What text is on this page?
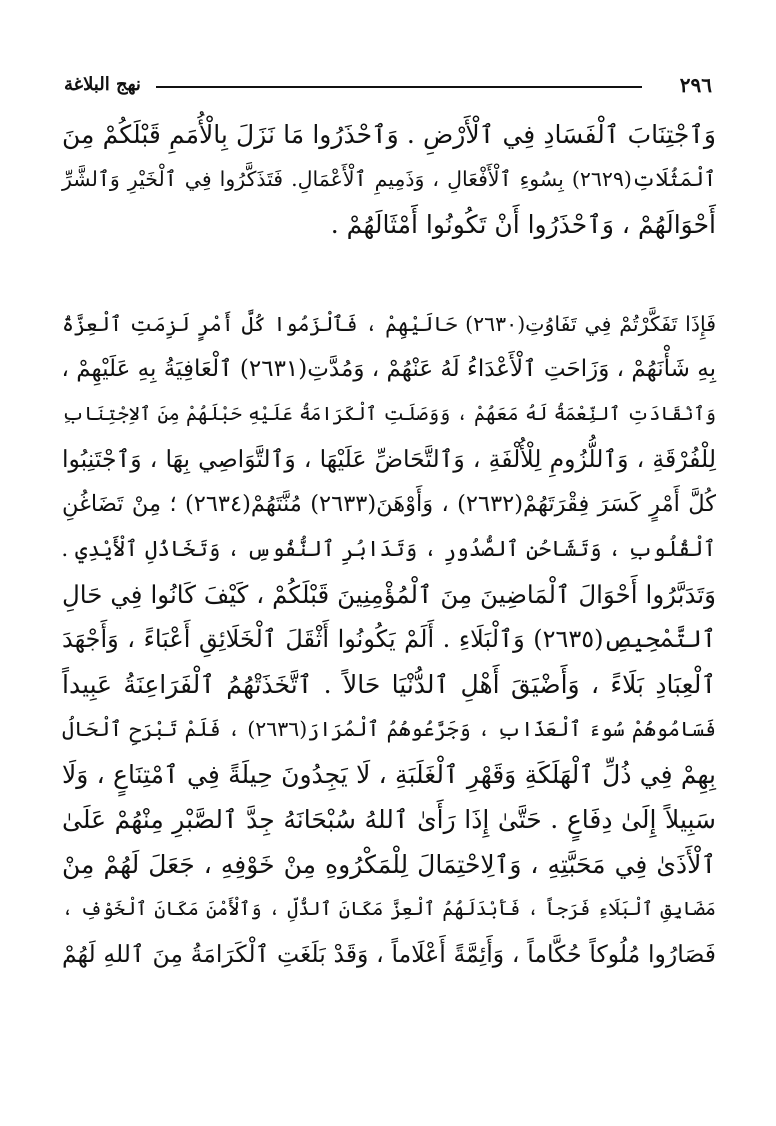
٢٩٦
نهج البلاغة
وَٱجْتِنَابَ ٱلْفَسَادِ فِي ٱلْأَرْضِ . وَٱحْذَرُوا مَا نَزَلَ بِالْأُمَمِ قَبْلَكُمْ مِنَ
ٱلْمَثُلَاتِ(٢٦٢٩) بِسُوءِ ٱلْأَفْعَالِ ، وَذَمِيمِ ٱلْأَعْمَالِ. فَتَذَكَّرُوا فِي ٱلْخَيْرِ وَٱلشَّرِّ
أَحْوَالَهُمْ ، وَٱحْذَرُوا أَنْ تَكُونُوا أَمْثَالَهُمْ .
فَإِذَا تَفَكَّرْتُمْ فِي تَفَاوُتِ(٢٦٣٠) حَالَيْهِمْ ، فَٱلْزَمُوا كُلَّ أَمْرٍ لَزِمَتِ ٱلْعِزَّةُ
بِهِ شَأْنَهُمْ ، وَزَاحَتِ ٱلْأَعْدَاءُ لَهُ عَنْهُمْ ، وَمُدَّتِ(٢٦٣١) ٱلْعَافِيَةُ بِهِ عَلَيْهِمْ ،
وَٱنْقَادَتِ ٱلنِّعْمَةُ لَهُ مَعَهُمْ ، وَوَصَلَتِ ٱلْكَرَامَةُ عَلَيْهِ حَبْلَهُمْ مِنَ ٱلاِجْتِنَابِ
لِلْفُرْقَةِ ، وَٱللُّزُومِ لِلْأُلْفَةِ ، وَٱلتَّحَاضِّ عَلَيْهَا ، وَٱلتَّوَاصِي بِهَا ، وَٱجْتَنِبُوا
كُلَّ أَمْرٍ كَسَرَ فِقْرَتَهُمْ(٢٦٣٢) ، وَأَوْهَنَ(٢٦٣٣) مُنَّتَهُمْ(٢٦٣٤) ؛ مِنْ تَضَاغُنِ
ٱلْقُلُوبِ ، وَتَشَاحُنِ ٱلصُّدُورِ ، وَتَدَابُرِ ٱلنُّفُوسِ ، وَتَخَاذُلِ ٱلْأَيْدِي .
وَتَدَبَّرُوا أَحْوَالَ ٱلْمَاضِينَ مِنَ ٱلْمُؤْمِنِينَ قَبْلَكُمْ ، كَيْفَ كَانُوا فِي حَالِ
ٱلتَّمْحِيصِ(٢٦٣٥) وَٱلْبَلَاءِ . أَلَمْ يَكُونُوا أَثْقَلَ ٱلْخَلَائِقِ أَعْبَاءً ، وَأَجْهَدَ
ٱلْعِبَادِ بَلَاءً ، وَأَضْيَقَ أَهْلِ ٱلدُّنْيَا حَالاً . ٱتَّخَذَتْهُمُ ٱلْفَرَاعِنَةُ عَبِيداً
فَسَامُوهُمْ سُوءَ ٱلْعَذَابِ ، وَجَرَّعُوهُمُ ٱلْمُرَارَ(٢٦٣٦) ، فَلَمْ تَبْرَحِ ٱلْحَالُ
بِهِمْ فِي ذُلِّ ٱلْهَلَكَةِ وَقَهْرِ ٱلْغَلَبَةِ ، لَا يَجِدُونَ حِيلَةً فِي ٱمْتِنَاعٍ ، وَلَا
سَبِيلاً إِلَىٰ دِفَاعٍ . حَتَّىٰ إِذَا رَأَىٰ ٱللهُ سُبْحَانَهُ جِدَّ ٱلصَّبْرِ مِنْهُمْ عَلَىٰ
ٱلْأَذَىٰ فِي مَحَبَّتِهِ ، وَٱلِاحْتِمَالَ لِلْمَكْرُوهِ مِنْ خَوْفِهِ ، جَعَلَ لَهُمْ مِنْ
مَضَايِقِ ٱلْبَلَاءِ فَرَجاً ، فَأَبْدَلَهُمُ ٱلْعِزَّ مَكَانَ ٱلذُّلِّ ، وَٱلْأَمْنَ مَكَانَ ٱلْخَوْفِ ،
فَصَارُوا مُلُوكاً حُكَّاماً ، وَأَئِمَّةً أَعْلَاماً ، وَقَدْ بَلَغَتِ ٱلْكَرَامَةُ مِنَ ٱللهِ لَهُمْ
